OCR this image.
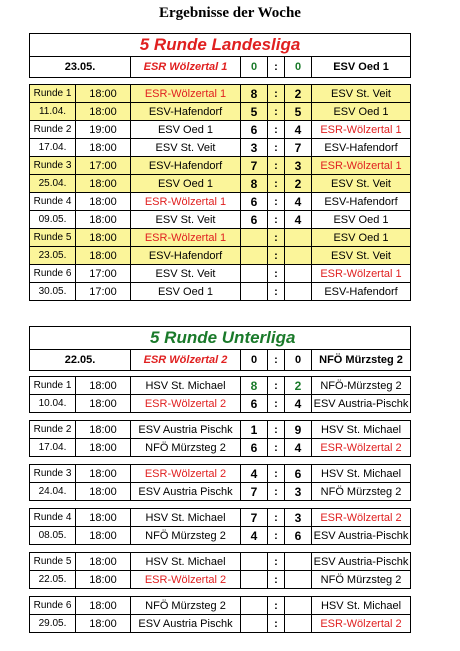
Ergebnisse der Woche
5 Runde Landesliga
23.05.	ESR Wölzertal 1	0	:	0	ESV Oed 1
Runde 1	18:00	ESR-Wölzertal 1	8	:	2	ESV St. Veit
11.04.	18:00	ESV-Hafendorf	5	:	5	ESV Oed 1
Runde 2	19:00	ESV Oed 1	6	:	4	ESR-Wölzertal 1
17.04.	18:00	ESV St. Veit	3	:	7	ESV-Hafendorf
Runde 3	17:00	ESV-Hafendorf	7	:	3	ESR-Wölzertal 1
25.04.	18:00	ESV Oed 1	8	:	2	ESV St. Veit
Runde 4	18:00	ESR-Wölzertal 1	6	:	4	ESV-Hafendorf
09.05.	18:00	ESV St. Veit	6	:	4	ESV Oed 1
Runde 5	18:00	ESR-Wölzertal 1		:		ESV Oed 1
23.05.	18:00	ESV-Hafendorf		:		ESV St. Veit
Runde 6	17:00	ESV St. Veit		:		ESR-Wölzertal 1
30.05.	17:00	ESV Oed 1		:		ESV-Hafendorf
5 Runde Unterliga
22.05.	ESR Wölzertal 2	0	:	0	NFÖ Mürzsteg 2
Runde 1	18:00	HSV St. Michael	8	:	2	NFÖ-Mürzsteg 2
10.04.	18:00	ESR-Wölzertal 2	6	:	4	ESV Austria-Pischk
Runde 2	18:00	ESV Austria Pischk	1	:	9	HSV St. Michael
17.04.	18:00	NFÖ Mürzsteg 2	6	:	4	ESR-Wölzertal 2
Runde 3	18:00	ESR-Wölzertal 2	4	:	6	HSV St. Michael
24.04.	18:00	ESV Austria Pischk	7	:	3	NFÖ Mürzsteg 2
Runde 4	18:00	HSV St. Michael	7	:	3	ESR-Wölzertal 2
08.05.	18:00	NFÖ Mürzsteg 2	4	:	6	ESV Austria-Pischk
Runde 5	18:00	HSV St. Michael		:		ESV Austria-Pischk
22.05.	18:00	ESR-Wölzertal 2		:		NFÖ Mürzsteg 2
Runde 6	18:00	NFÖ Mürzsteg 2		:		HSV St. Michael
29.05.	18:00	ESV Austria Pischk		:		ESR-Wölzertal 2
